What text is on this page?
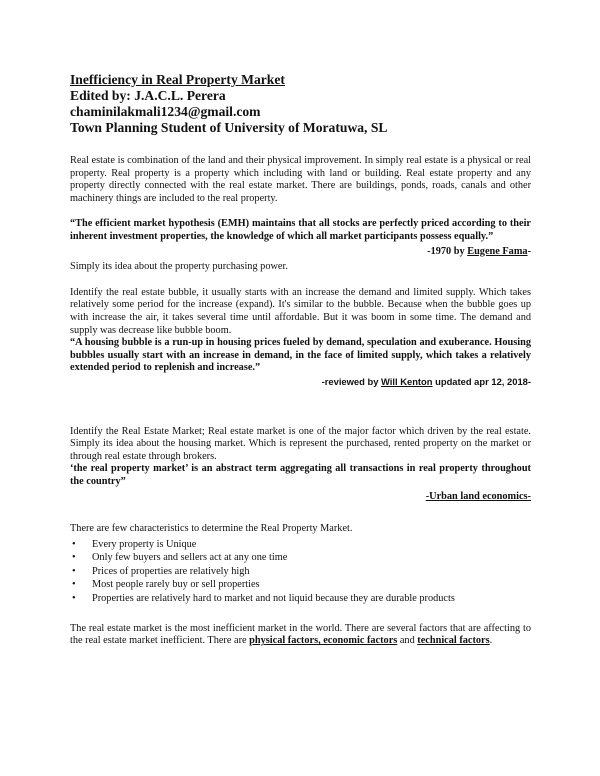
Inefficiency in Real Property Market

Edited by: J.A.C.L. Perera

chaminilakmali1234@gmail.com

Town Planning Student of University of Moratuwa, SL

Real estate is combination of the land and their physical improvement. In simply real estate is a physical or real property. Real property is a property which including with land or building. Real estate property and any property directly connected with the real estate market. There are buildings, ponds, roads, canals and other machinery things are included to the real property.

“The efficient market hypothesis (EMH) maintains that all stocks are perfectly priced according to their inherent investment properties, the knowledge of which all market participants possess equally.”

-1970 by Eugene Fama-

Simply its idea about the property purchasing power.

Identify the real estate bubble, it usually starts with an increase the demand and limited supply. Which takes relatively some period for the increase (expand). It's similar to the bubble. Because when the bubble goes up with increase the air, it takes several time until affordable. But it was boom in some time. The demand and supply was decrease like bubble boom.

“A housing bubble is a run-up in housing prices fueled by demand, speculation and exuberance. Housing bubbles usually start with an increase in demand, in the face of limited supply, which takes a relatively extended period to replenish and increase.”

-reviewed by Will Kenton updated apr 12, 2018-

Identify the Real Estate Market; Real estate market is one of the major factor which driven by the real estate. Simply its idea about the housing market. Which is represent the purchased, rented property on the market or through real estate through brokers.

‘the real property market’ is an abstract term aggregating all transactions in real property throughout the country”

-Urban land economics-

There are few characteristics to determine the Real Property Market.

• Every property is Unique
• Only few buyers and sellers act at any one time
• Prices of properties are relatively high
• Most people rarely buy or sell properties
• Properties are relatively hard to market and not liquid because they are durable products

The real estate market is the most inefficient market in the world. There are several factors that are affecting to the real estate market inefficient. There are physical factors, economic factors and technical factors.
